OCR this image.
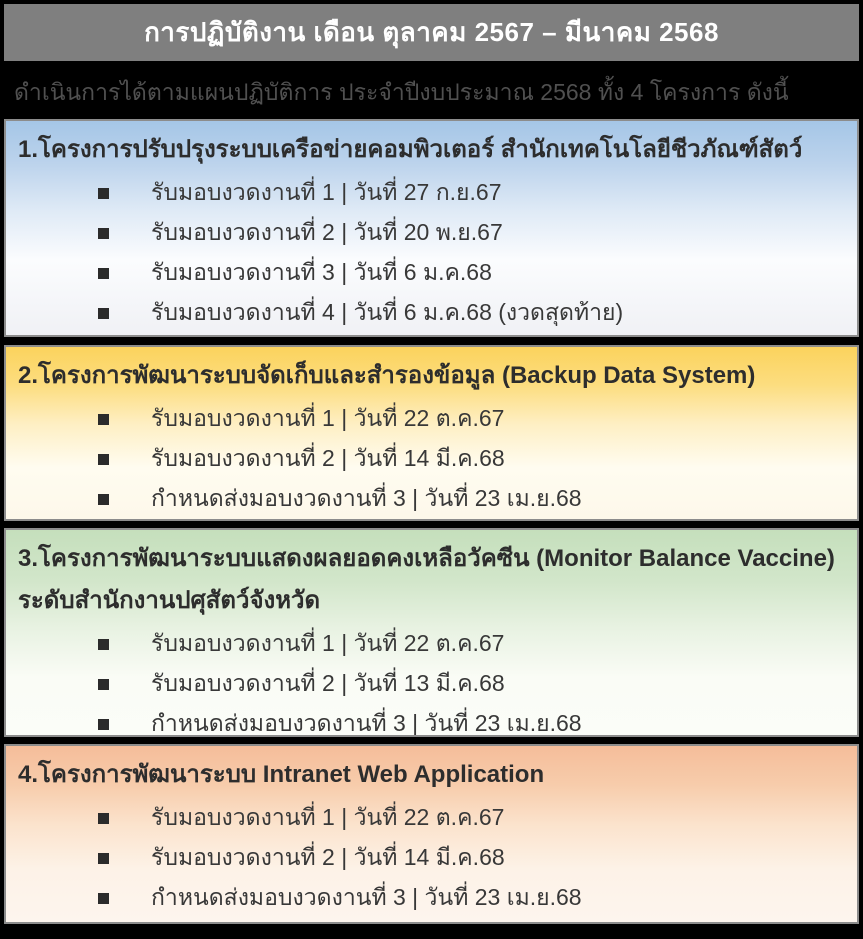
การปฏิบัติงาน เดือน ตุลาคม 2567 – มีนาคม 2568
ดำเนินการได้ตามแผนปฏิบัติการ ประจำปีงบประมาณ 2568 ทั้ง 4 โครงการ ดังนี้
1.โครงการปรับปรุงระบบเครือข่ายคอมพิวเตอร์ สำนักเทคโนโลยีชีวภัณฑ์สัตว์
รับมอบงวดงานที่ 1 | วันที่ 27 ก.ย.67
รับมอบงวดงานที่ 2 | วันที่ 20 พ.ย.67
รับมอบงวดงานที่ 3 | วันที่ 6 ม.ค.68
รับมอบงวดงานที่ 4 | วันที่ 6 ม.ค.68 (งวดสุดท้าย)
2.โครงการพัฒนาระบบจัดเก็บและสำรองข้อมูล (Backup Data System)
รับมอบงวดงานที่ 1 | วันที่ 22 ต.ค.67
รับมอบงวดงานที่ 2 | วันที่ 14 มี.ค.68
กำหนดส่งมอบงวดงานที่ 3 | วันที่ 23 เม.ย.68
3.โครงการพัฒนาระบบแสดงผลยอดคงเหลือวัคซีน (Monitor Balance Vaccine) ระดับสำนักงานปศุสัตว์จังหวัด
รับมอบงวดงานที่ 1 | วันที่ 22 ต.ค.67
รับมอบงวดงานที่ 2 | วันที่ 13 มี.ค.68
กำหนดส่งมอบงวดงานที่ 3 | วันที่ 23 เม.ย.68
4.โครงการพัฒนาระบบ Intranet Web Application
รับมอบงวดงานที่ 1 | วันที่ 22 ต.ค.67
รับมอบงวดงานที่ 2 | วันที่ 14 มี.ค.68
กำหนดส่งมอบงวดงานที่ 3 | วันที่ 23 เม.ย.68
